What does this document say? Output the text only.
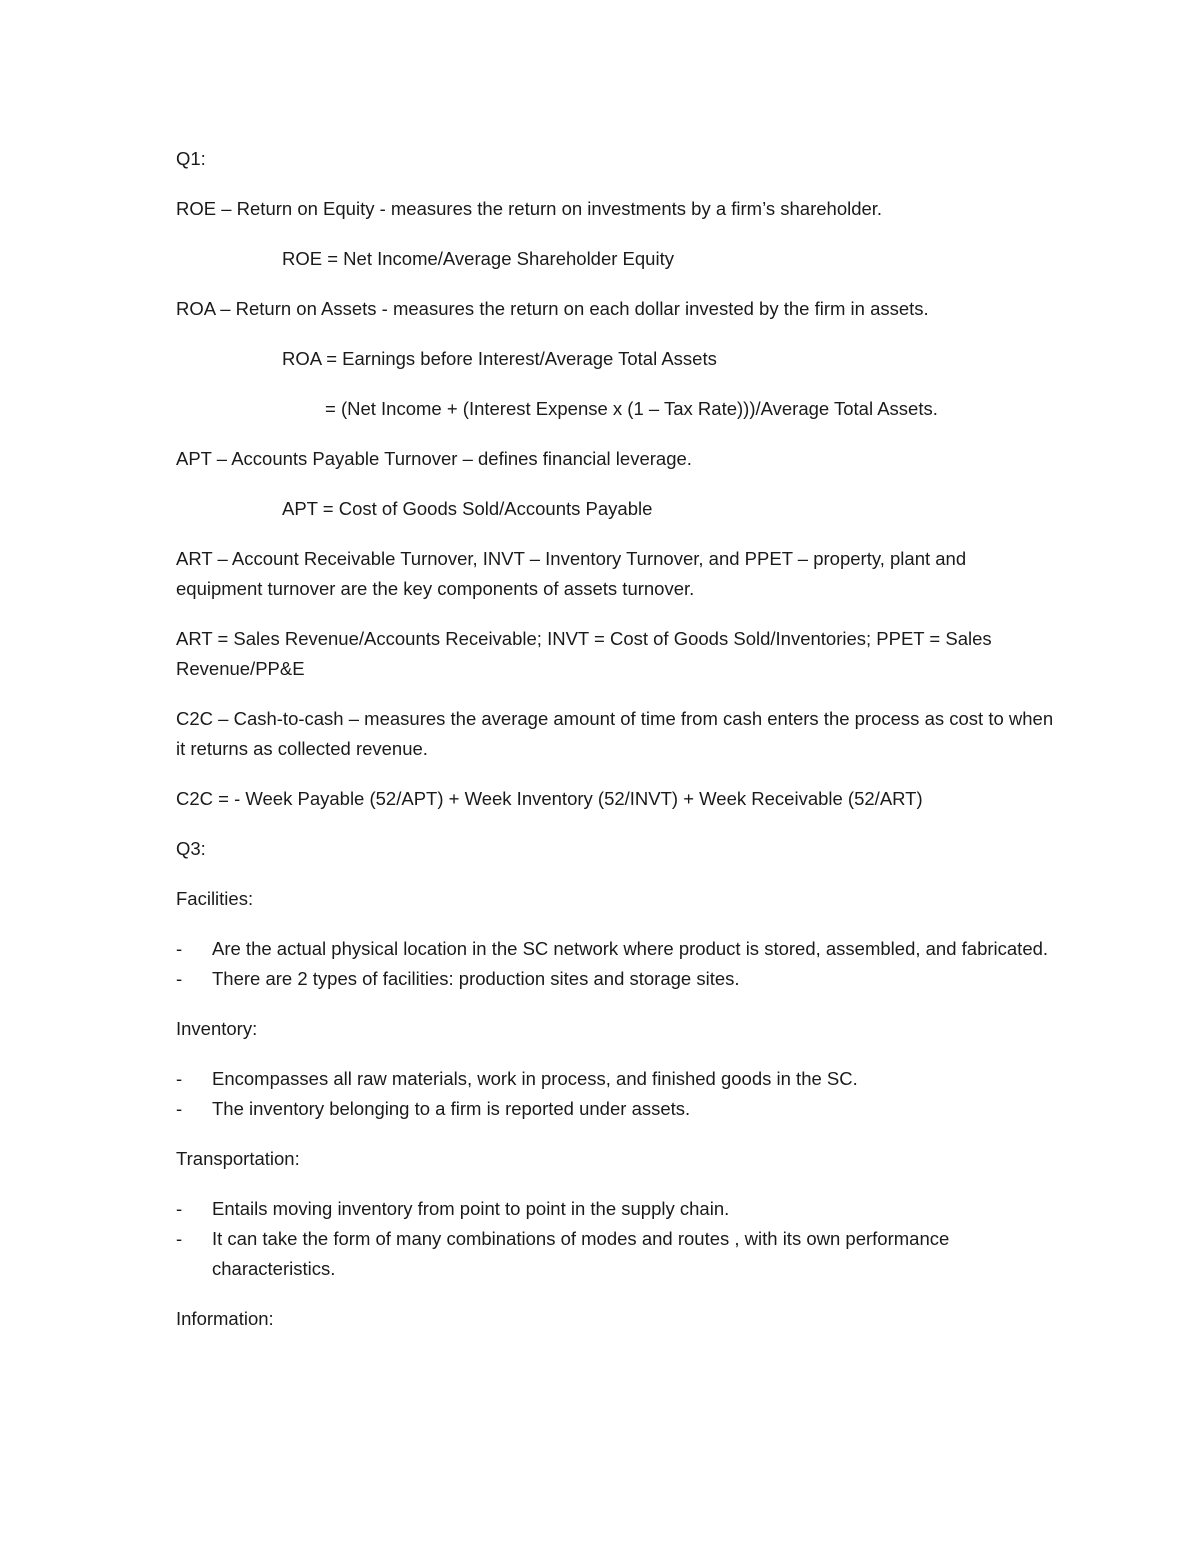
Q1:

ROE – Return on Equity - measures the return on investments by a firm’s shareholder.

ROE = Net Income/Average Shareholder Equity

ROA – Return on Assets - measures the return on each dollar invested by the firm in assets.

ROA = Earnings before Interest/Average Total Assets

= (Net Income + (Interest Expense x (1 – Tax Rate)))/Average Total Assets.

APT – Accounts Payable Turnover – defines financial leverage.

APT = Cost of Goods Sold/Accounts Payable

ART – Account Receivable Turnover, INVT – Inventory Turnover, and PPET – property, plant and equipment turnover are the key components of assets turnover.

ART = Sales Revenue/Accounts Receivable; INVT = Cost of Goods Sold/Inventories; PPET = Sales Revenue/PP&E

C2C – Cash-to-cash – measures the average amount of time from cash enters the process as cost to when it returns as collected revenue.

C2C = - Week Payable (52/APT) + Week Inventory (52/INVT) + Week Receivable (52/ART)

Q3:

Facilities:

- Are the actual physical location in the SC network where product is stored, assembled, and fabricated.
- There are 2 types of facilities: production sites and storage sites.

Inventory:

- Encompasses all raw materials, work in process, and finished goods in the SC.
- The inventory belonging to a firm is reported under assets.

Transportation:

- Entails moving inventory from point to point in the supply chain.
- It can take the form of many combinations of modes and routes , with its own performance characteristics.

Information:
